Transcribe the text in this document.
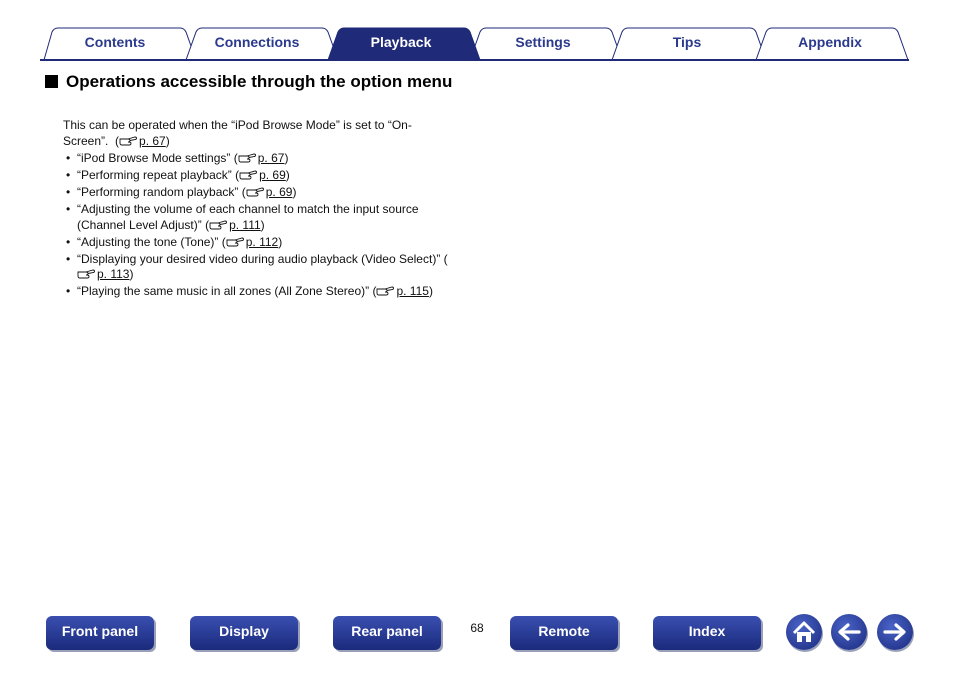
Contents	Connections	Playback	Settings	Tips	Appendix
Operations accessible through the option menu

This can be operated when the “iPod Browse Mode” is set to “On-Screen”.  ( p. 67)

• “iPod Browse Mode settings” ( p. 67)
• “Performing repeat playback” ( p. 69)
• “Performing random playback” ( p. 69)
• “Adjusting the volume of each channel to match the input source (Channel Level Adjust)” ( p. 111)
• “Adjusting the tone (Tone)” ( p. 112)
• “Displaying your desired video during audio playback (Video Select)” (p. 113)
• “Playing the same music in all zones (All Zone Stereo)” ( p. 115)
Front panel	Display	Rear panel	68	Remote	Index
